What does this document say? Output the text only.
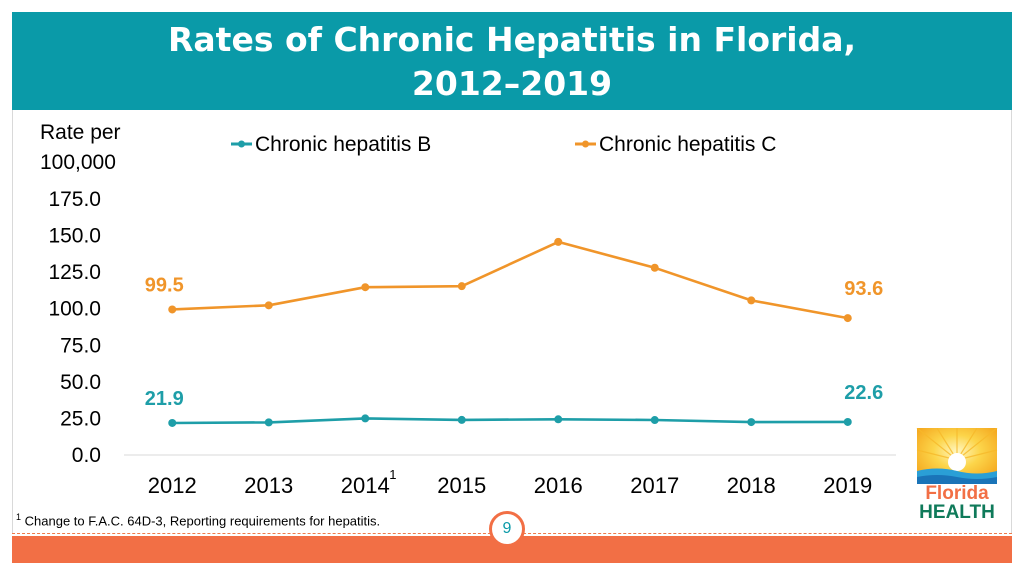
Rates of Chronic Hepatitis in Florida,
2012–2019
Rate per
100,000
175.0
150.0
125.0
100.0
75.0
50.0
25.0
0.0
2012 2013 2014 1 2015 2016 2017 2018 2019
Chronic hepatitis B	Chronic hepatitis C
21.9	22.6
99.5	93.6
$^1$ Change to F.A.C. 64D-3, Reporting requirements for hepatitis.	9
Florida
HEALTH
